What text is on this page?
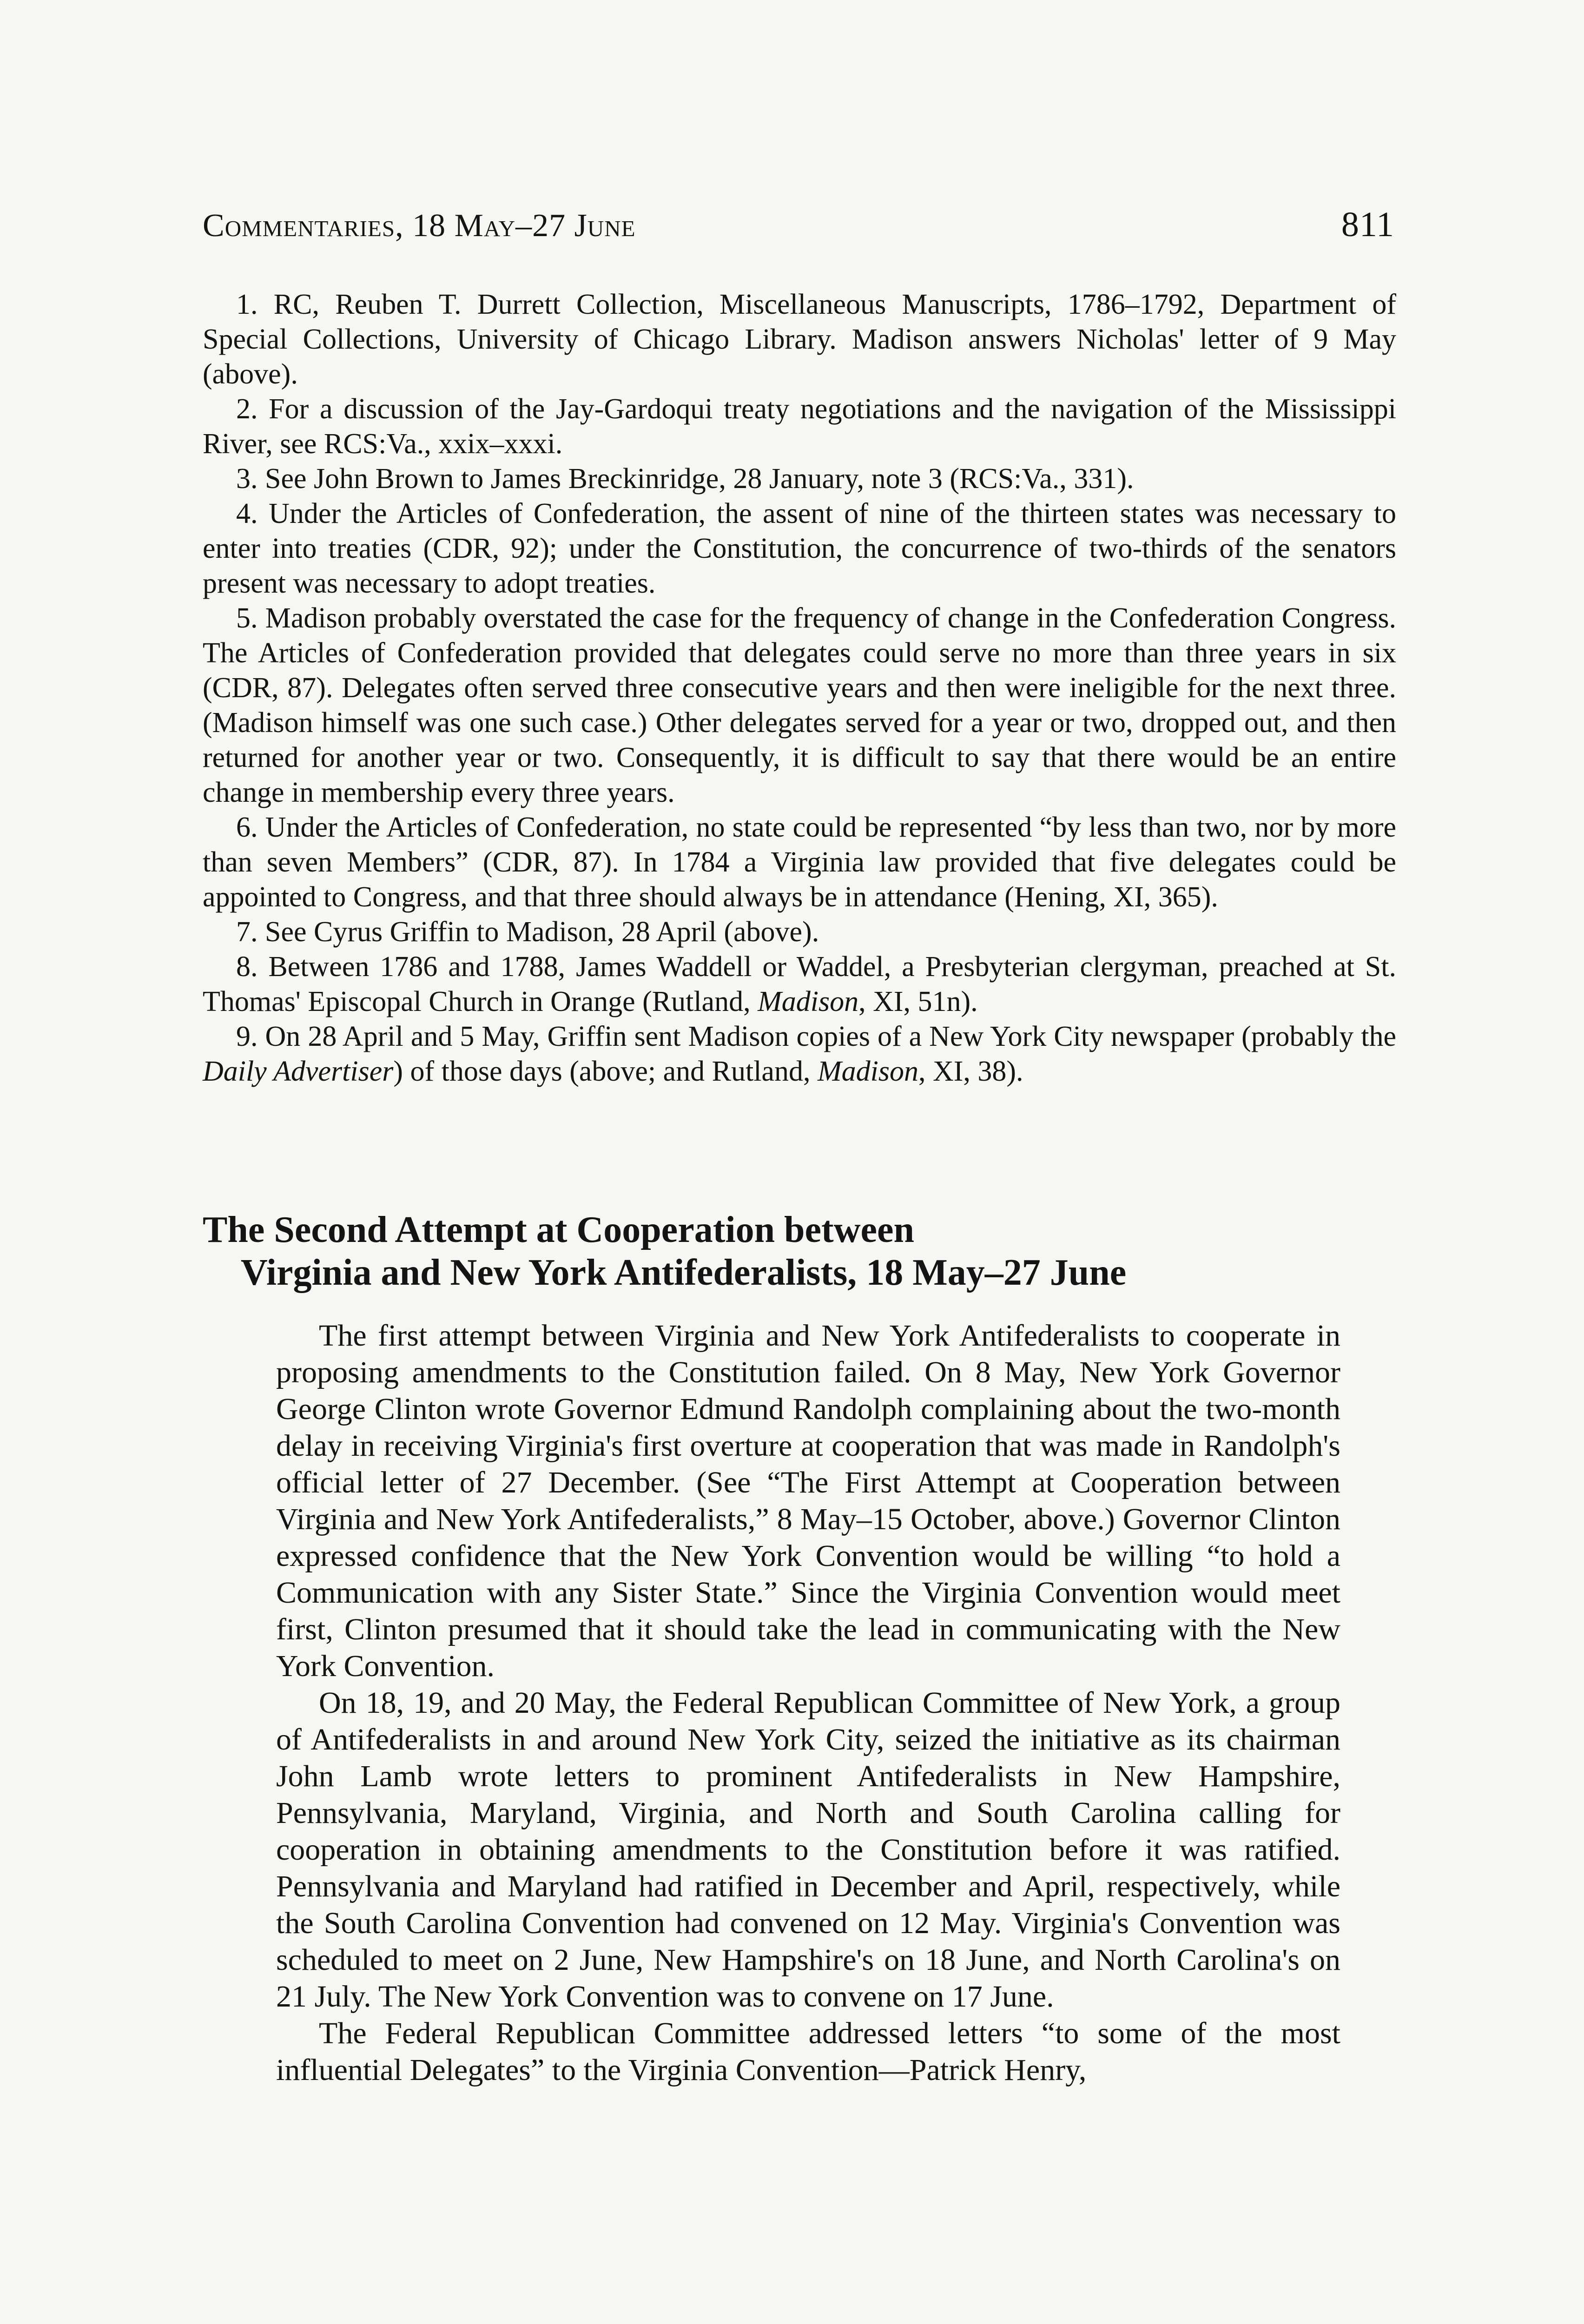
Commentaries, 18 May–27 June	811

1. RC, Reuben T. Durrett Collection, Miscellaneous Manuscripts, 1786–1792, Department of Special Collections, University of Chicago Library. Madison answers Nicholas' letter of 9 May (above).

2. For a discussion of the Jay-Gardoqui treaty negotiations and the navigation of the Mississippi River, see RCS:Va., xxix–xxxi.

3. See John Brown to James Breckinridge, 28 January, note 3 (RCS:Va., 331).

4. Under the Articles of Confederation, the assent of nine of the thirteen states was necessary to enter into treaties (CDR, 92); under the Constitution, the concurrence of two-thirds of the senators present was necessary to adopt treaties.

5. Madison probably overstated the case for the frequency of change in the Confederation Congress. The Articles of Confederation provided that delegates could serve no more than three years in six (CDR, 87). Delegates often served three consecutive years and then were ineligible for the next three. (Madison himself was one such case.) Other delegates served for a year or two, dropped out, and then returned for another year or two. Consequently, it is difficult to say that there would be an entire change in membership every three years.

6. Under the Articles of Confederation, no state could be represented “by less than two, nor by more than seven Members” (CDR, 87). In 1784 a Virginia law provided that five delegates could be appointed to Congress, and that three should always be in attendance (Hening, XI, 365).

7. See Cyrus Griffin to Madison, 28 April (above).

8. Between 1786 and 1788, James Waddell or Waddel, a Presbyterian clergyman, preached at St. Thomas' Episcopal Church in Orange (Rutland, Madison, XI, 51n).

9. On 28 April and 5 May, Griffin sent Madison copies of a New York City newspaper (probably the Daily Advertiser) of those days (above; and Rutland, Madison, XI, 38).

The Second Attempt at Cooperation between
Virginia and New York Antifederalists, 18 May–27 June

The first attempt between Virginia and New York Antifederalists to cooperate in proposing amendments to the Constitution failed. On 8 May, New York Governor George Clinton wrote Governor Edmund Randolph complaining about the two-month delay in receiving Virginia's first overture at cooperation that was made in Randolph's official letter of 27 December. (See “The First Attempt at Cooperation between Virginia and New York Antifederalists,” 8 May–15 October, above.) Governor Clinton expressed confidence that the New York Convention would be willing “to hold a Communication with any Sister State.” Since the Virginia Convention would meet first, Clinton presumed that it should take the lead in communicating with the New York Convention.

On 18, 19, and 20 May, the Federal Republican Committee of New York, a group of Antifederalists in and around New York City, seized the initiative as its chairman John Lamb wrote letters to prominent Antifederalists in New Hampshire, Pennsylvania, Maryland, Virginia, and North and South Carolina calling for cooperation in obtaining amendments to the Constitution before it was ratified. Pennsylvania and Maryland had ratified in December and April, respectively, while the South Carolina Convention had convened on 12 May. Virginia's Convention was scheduled to meet on 2 June, New Hampshire's on 18 June, and North Carolina's on 21 July. The New York Convention was to convene on 17 June.

The Federal Republican Committee addressed letters “to some of the most influential Delegates” to the Virginia Convention—Patrick Henry,
